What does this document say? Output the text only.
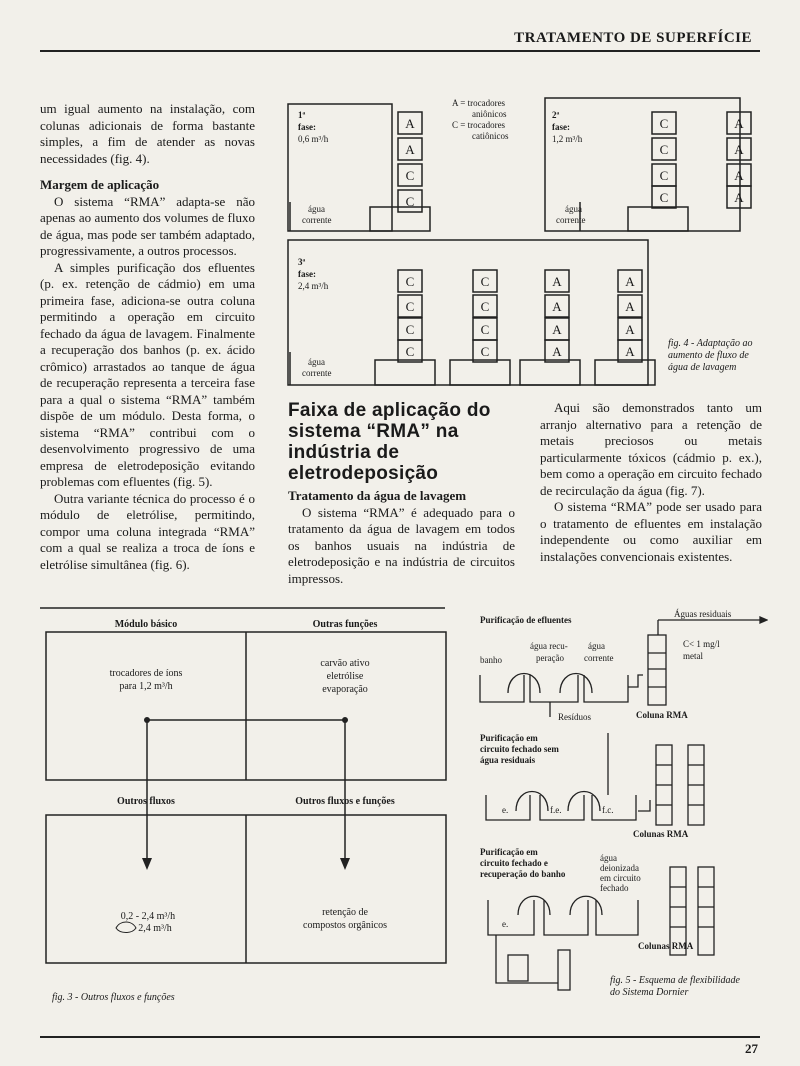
TRATAMENTO DE SUPERFÍCIE

um igual aumento na instalação, com colunas adicionais de forma bastante simples, a fim de atender as novas necessidades (fig. 4).

Margem de aplicação

O sistema “RMA” adapta-se não apenas ao aumento dos volumes de fluxo de água, mas pode ser também adaptado, progressivamente, a outros processos.

A simples purificação dos efluentes (p. ex. retenção de cádmio) em uma primeira fase, adiciona-se outra coluna permitindo a operação em circuito fechado da água de lavagem. Finalmente a recuperação dos banhos (p. ex. ácido crômico) arrastados ao tanque de água de recuperação representa a terceira fase para a qual o sistema “RMA” também dispõe de um módulo. Desta forma, o sistema “RMA” contribui com o desenvolvimento progressivo de uma empresa de eletrodeposição evitando problemas com efluentes (fig. 5).

Outra variante técnica do processo é o módulo de eletrólise, permitindo, compor uma coluna integrada “RMA” com a qual se realiza a troca de íons e eletrólise simultânea (fig. 6).

A
A
C
C
C
C
C
C
A
A
A
A
C
C
C
C
C
C
C
C
A
A
A
A
A
A
A
A
1ª
fase:
0,6 m³/h
água
corrente
2ª
fase:
1,2 m³/h
água
corrente
3ª
fase:
2,4 m³/h
água
corrente
A = trocadores
aniônicos
C = trocadores
catiônicos
fig. 4 - Adaptação ao aumento de fluxo de água de lavagem
Faixa de aplicação do sistema “RMA” na indústria de eletrodeposição
Tratamento da água de lavagem

O sistema “RMA” é adequado para o tratamento da água de lavagem em todos os banhos usuais na indústria de eletrodeposição e na indústria de circuitos impressos.

Aqui são demonstrados tanto um arranjo alternativo para a retenção de metais preciosos ou metais particularmente tóxicos (cádmio p. ex.), bem como a operação em circuito fechado de recirculação da água (fig. 7).

O sistema “RMA” pode ser usado para o tratamento de efluentes em instalação independente ou como auxiliar em instalações convencionais existentes.

Módulo básico	Outras funções
trocadores de íons
para 1,2 m³/h
carvão ativo
eletrólise
evaporação
Outros fluxos	Outros fluxos e funções
0,2 - 2,4 m³/h
2,4 m³/h
retenção de
compostos orgânicos
fig. 3 - Outros fluxos e funções
Purificação de efluentes
Águas residuais
C< 1 mg/l
metal
água recu-
peração
água
corrente
banho
Resíduos	Coluna RMA
Purificação em
circuito fechado sem
água residuais
e.	f.e.	f.c.
Colunas RMA
Purificação em
circuito fechado e
recuperação do banho
água
deionizada
em circuito
fechado
e.
Colunas RMA
fig. 5 - Esquema de flexibilidade
do Sistema Dornier
27
